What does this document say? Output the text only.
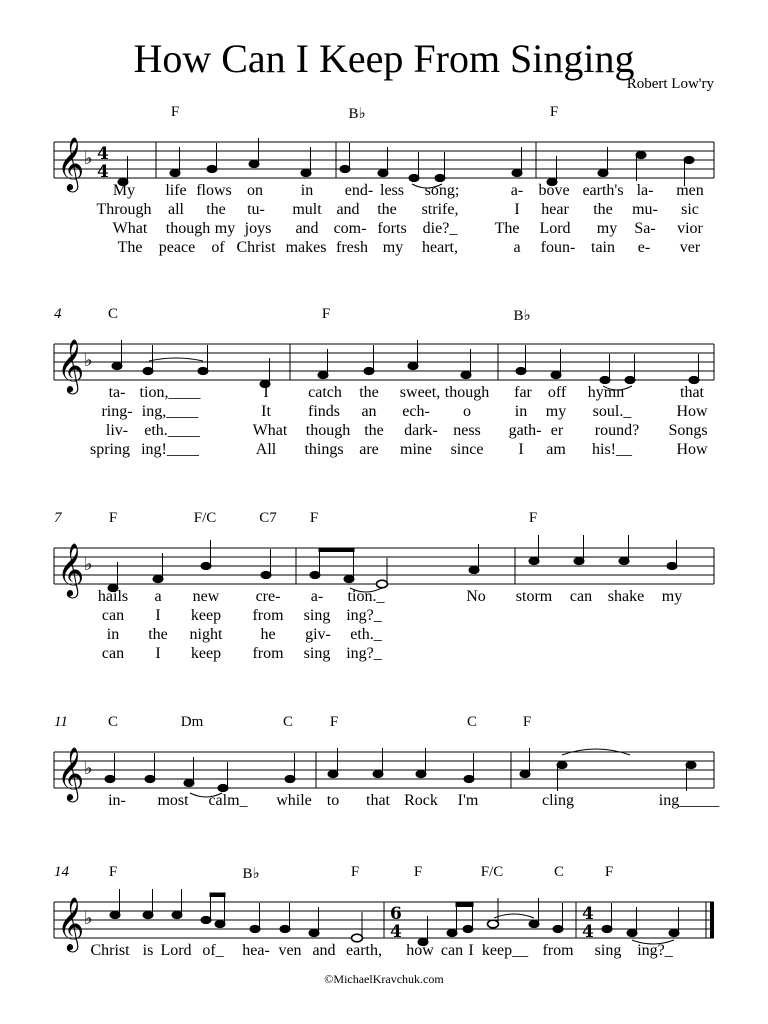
How Can I Keep From Singing
Robert Low'ry
F	B♭	F
𝄞 ♭ 4
4
My life flows on in end- less song;	a- bove earth's la- men
Through all the tu- mult and the strife,	I hear the mu- sic
What though my joys and com- forts die?_ The Lord my Sa- vior
The peace of Christ makes fresh my heart,	a foun- tain e- ver
4	C	F	B♭
𝄞 ♭
ta- tion,____	I catch the sweet, though far off hymn	that
ring- ing,____	It finds an ech- o	in my soul._	How
liv- eth.____	What though the dark- ness gath- er round? Songs
spring ing!____	All things are mine since I am his!__	How
7	F	F/C	C7 F	F
𝄞 ♭
hails a new cre- a- tion._	No storm can shake my
can I keep from sing ing?_
in the night he giv- eth._
can I keep from sing ing?_
11	C	Dm	C F	C	F
𝄞 ♭
in- most calm_ while to that Rock I'm	cling	ing_____
14	F	B♭	F	F	F/C	C	F
𝄞 ♭	6
4
4
4
Christ is Lord of_ hea- ven and earth, how can I keep__ from sing ing?_
©MichaelKravchuk.com
